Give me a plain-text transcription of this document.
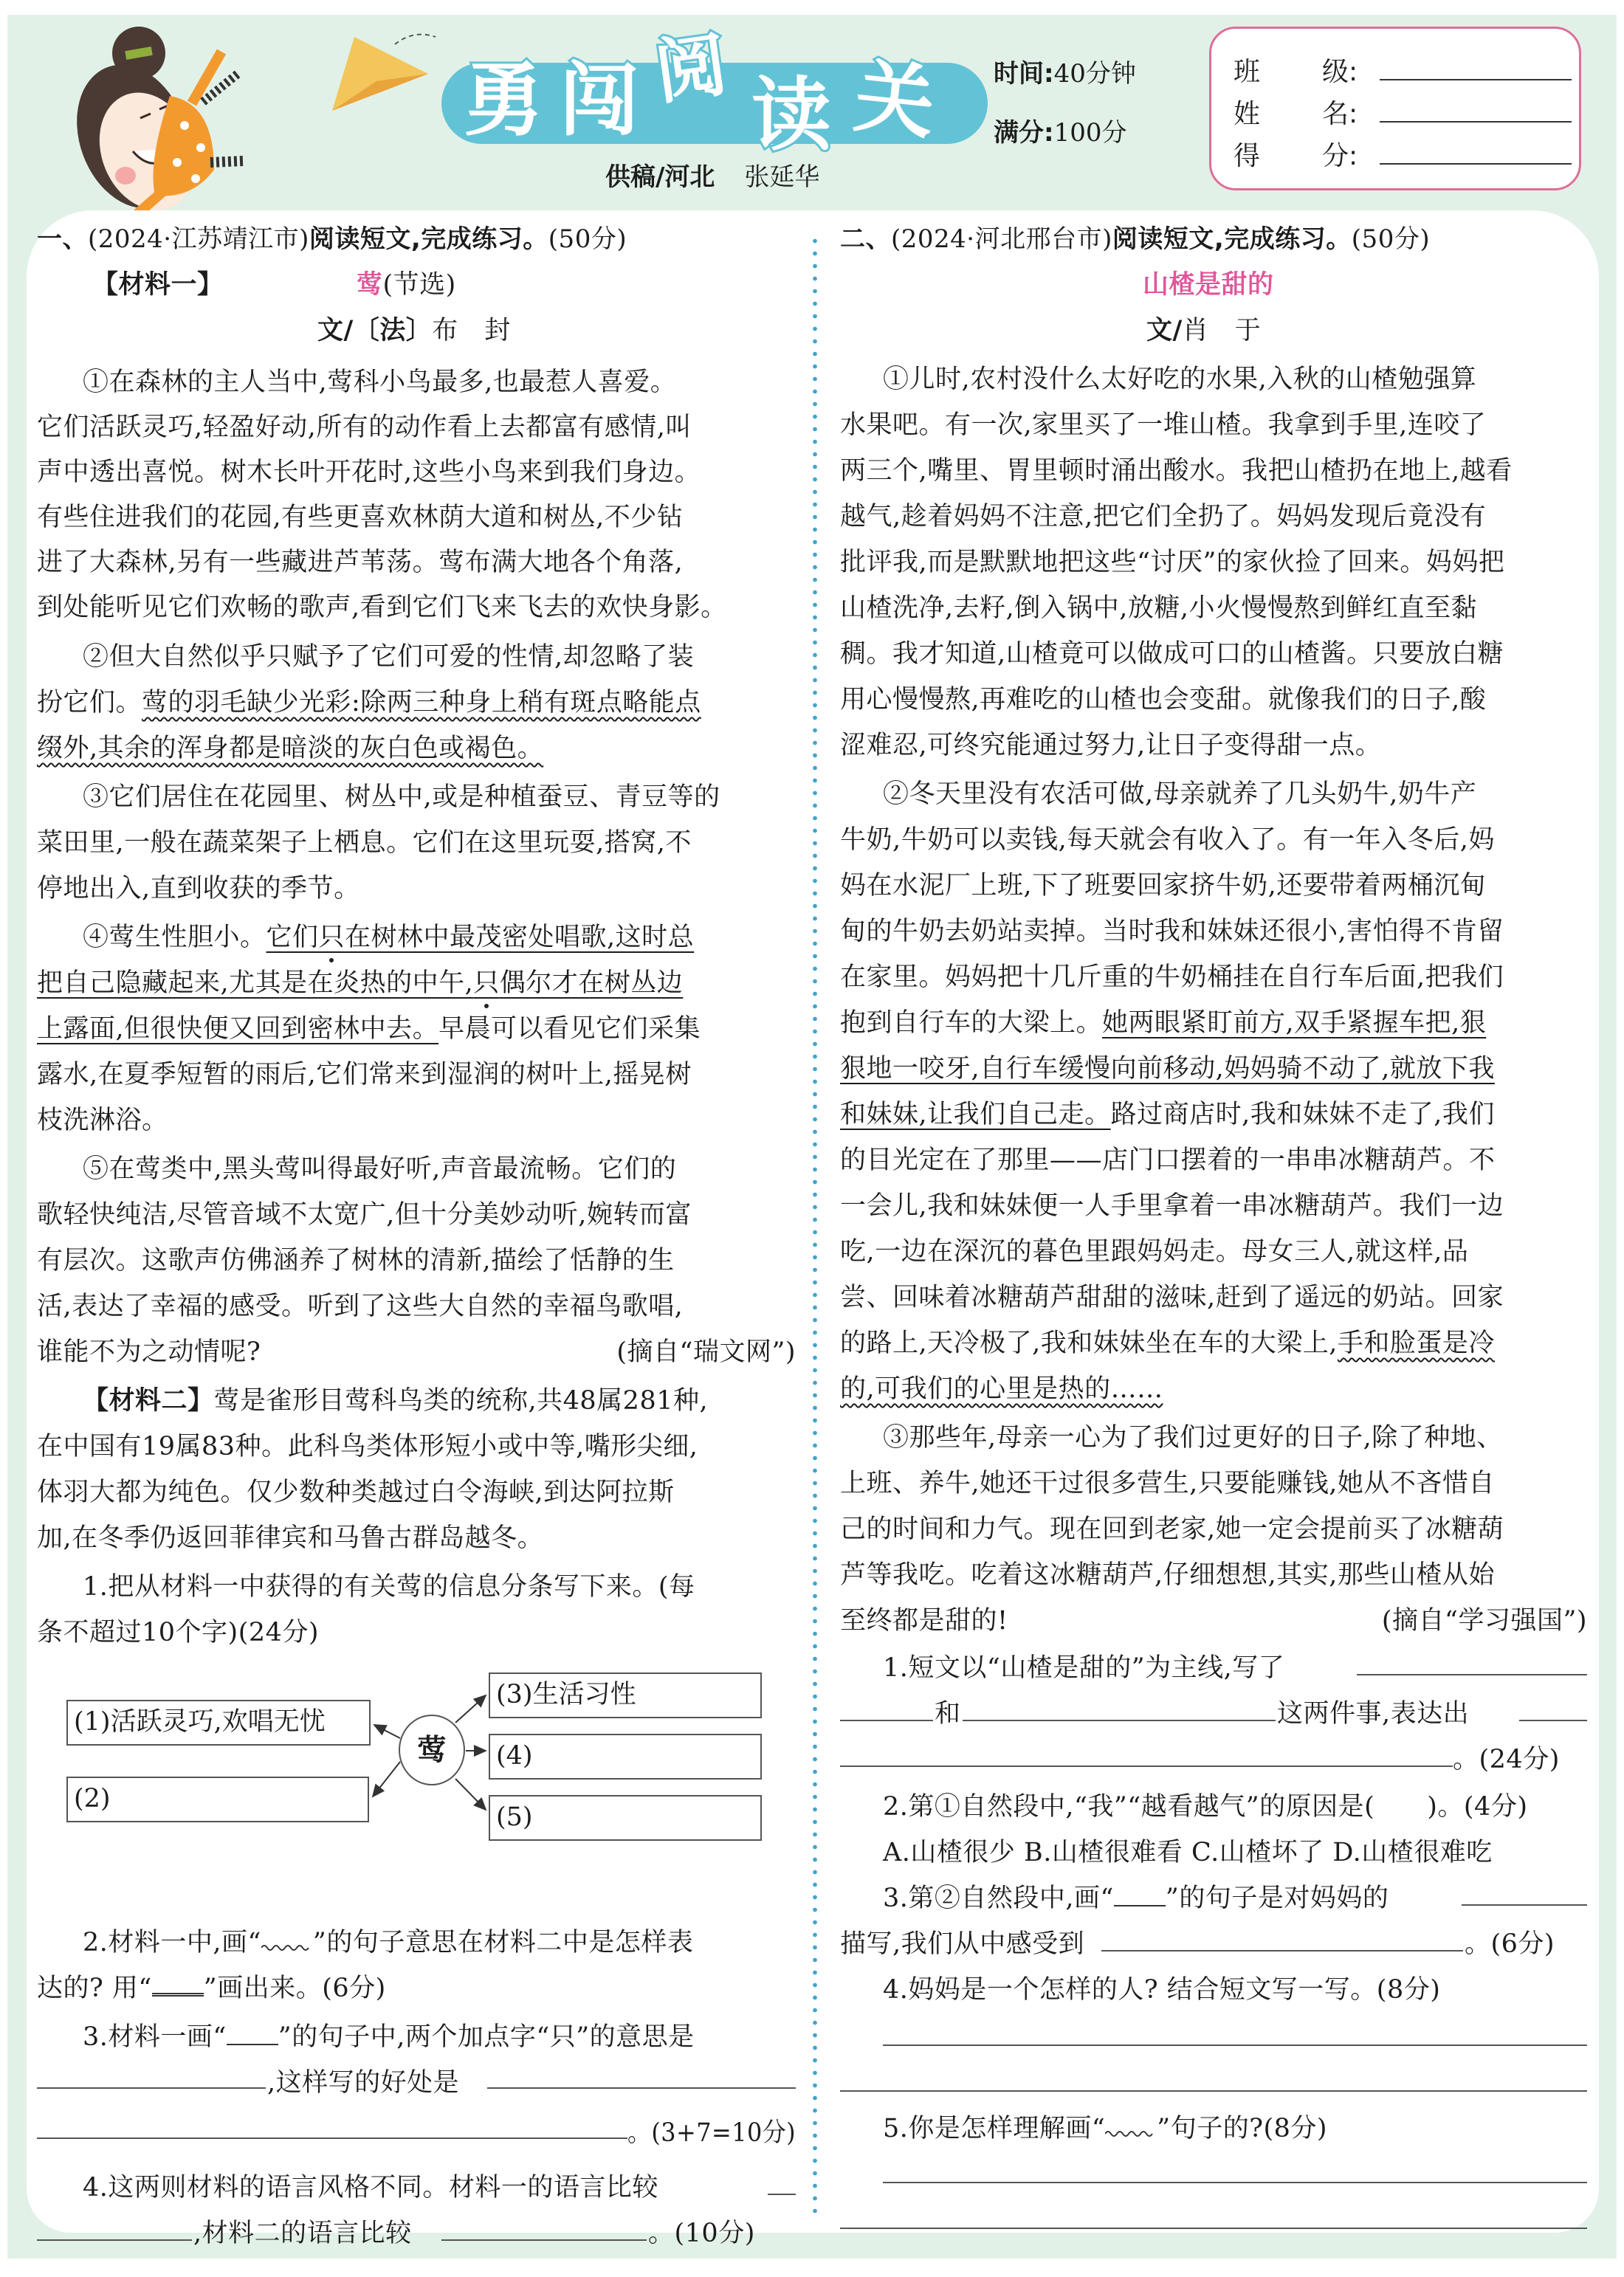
勇 闯 阅
读 关 时间:40分钟
满分:100分
供稿/河北 张延华
班 级:
姓 名:
得 分:
一、(2024·江苏靖江市)阅读短文,完成练习。(50分)
【材料一】	莺(节选)
文/〔法〕布　封
①在森林的主人当中,莺科小鸟最多,也最惹人喜爱。
它们活跃灵巧,轻盈好动,所有的动作看上去都富有感情,叫
声中透出喜悦。树木长叶开花时,这些小鸟来到我们身边。
有些住进我们的花园,有些更喜欢林荫大道和树丛,不少钻
进了大森林,另有一些藏进芦苇荡。莺布满大地各个角落,
到处能听见它们欢畅的歌声,看到它们飞来飞去的欢快身影。
②但大自然似乎只赋予了它们可爱的性情,却忽略了装
扮它们。莺的羽毛缺少光彩:除两三种身上稍有斑点略能点
缀外,其余的浑身都是暗淡的灰白色或褐色。
③它们居住在花园里、树丛中,或是种植蚕豆、青豆等的
菜田里,一般在蔬菜架子上栖息。它们在这里玩耍,搭窝,不
停地出入,直到收获的季节。
④莺生性胆小。它们只在树林中最茂密处唱歌,这时总
把自己隐藏起来,尤其是在炎热的中午,只偶尔才在树丛边
上露面,但很快便又回到密林中去。早晨可以看见它们采集
露水,在夏季短暂的雨后,它们常来到湿润的树叶上,摇晃树
枝洗淋浴。
⑤在莺类中,黑头莺叫得最好听,声音最流畅。它们的
歌轻快纯洁,尽管音域不太宽广,但十分美妙动听,婉转而富
有层次。这歌声仿佛涵养了树林的清新,描绘了恬静的生
活,表达了幸福的感受。听到了这些大自然的幸福鸟歌唱,
谁能不为之动情呢?	(摘自“瑞文网”)
【材料二】莺是雀形目莺科鸟类的统称,共48属281种,
在中国有19属83种。此科鸟类体形短小或中等,嘴形尖细,
体羽大都为纯色。仅少数种类越过白令海峡,到达阿拉斯
加,在冬季仍返回菲律宾和马鲁古群岛越冬。
1.把从材料一中获得的有关莺的信息分条写下来。(每
条不超过10个字)(24分)
(1)活跃灵巧,欢唱无忧
(2)
(3)生活习性
(4)
(5)
莺
2.材料一中,画“ ”的句子意思在材料二中是怎样表
达的? 用“ ”画出来。(6分)
3.材料一画“ ”的句子中,两个加点字“只”的意思是
,这样写的好处是
。(3+7=10分)
4.这两则材料的语言风格不同。材料一的语言比较
,材料二的语言比较	。(10分)
二、(2024·河北邢台市)阅读短文,完成练习。(50分)
山楂是甜的
文/肖　于
①儿时,农村没什么太好吃的水果,入秋的山楂勉强算
水果吧。有一次,家里买了一堆山楂。我拿到手里,连咬了
两三个,嘴里、胃里顿时涌出酸水。我把山楂扔在地上,越看
越气,趁着妈妈不注意,把它们全扔了。妈妈发现后竟没有
批评我,而是默默地把这些“讨厌”的家伙捡了回来。妈妈把
山楂洗净,去籽,倒入锅中,放糖,小火慢慢熬到鲜红直至黏
稠。我才知道,山楂竟可以做成可口的山楂酱。只要放白糖
用心慢慢熬,再难吃的山楂也会变甜。就像我们的日子,酸
涩难忍,可终究能通过努力,让日子变得甜一点。
②冬天里没有农活可做,母亲就养了几头奶牛,奶牛产
牛奶,牛奶可以卖钱,每天就会有收入了。有一年入冬后,妈
妈在水泥厂上班,下了班要回家挤牛奶,还要带着两桶沉甸
甸的牛奶去奶站卖掉。当时我和妹妹还很小,害怕得不肯留
在家里。妈妈把十几斤重的牛奶桶挂在自行车后面,把我们
抱到自行车的大梁上。她两眼紧盯前方,双手紧握车把,狠
狠地一咬牙,自行车缓慢向前移动,妈妈骑不动了,就放下我
和妹妹,让我们自己走。路过商店时,我和妹妹不走了,我们
的目光定在了那里——店门口摆着的一串串冰糖葫芦。不
一会儿,我和妹妹便一人手里拿着一串冰糖葫芦。我们一边
吃,一边在深沉的暮色里跟妈妈走。母女三人,就这样,品
尝、回味着冰糖葫芦甜甜的滋味,赶到了遥远的奶站。回家
的路上,天冷极了,我和妹妹坐在车的大梁上,手和脸蛋是冷
的,可我们的心里是热的……
③那些年,母亲一心为了我们过更好的日子,除了种地、
上班、养牛,她还干过很多营生,只要能赚钱,她从不吝惜自
己的时间和力气。现在回到老家,她一定会提前买了冰糖葫
芦等我吃。吃着这冰糖葫芦,仔细想想,其实,那些山楂从始
至终都是甜的!	(摘自“学习强国”)
1.短文以“山楂是甜的”为主线,写了
和	这两件事,表达出
。(24分)
2.第①自然段中,“我”“越看越气”的原因是(　　)。(4分)
A.山楂很少 B.山楂很难看 C.山楂坏了 D.山楂很难吃
3.第②自然段中,画“ ”的句子是对妈妈的
描写,我们从中感受到	。(6分)
4.妈妈是一个怎样的人? 结合短文写一写。(8分)
5.你是怎样理解画“ ”句子的?(8分)
